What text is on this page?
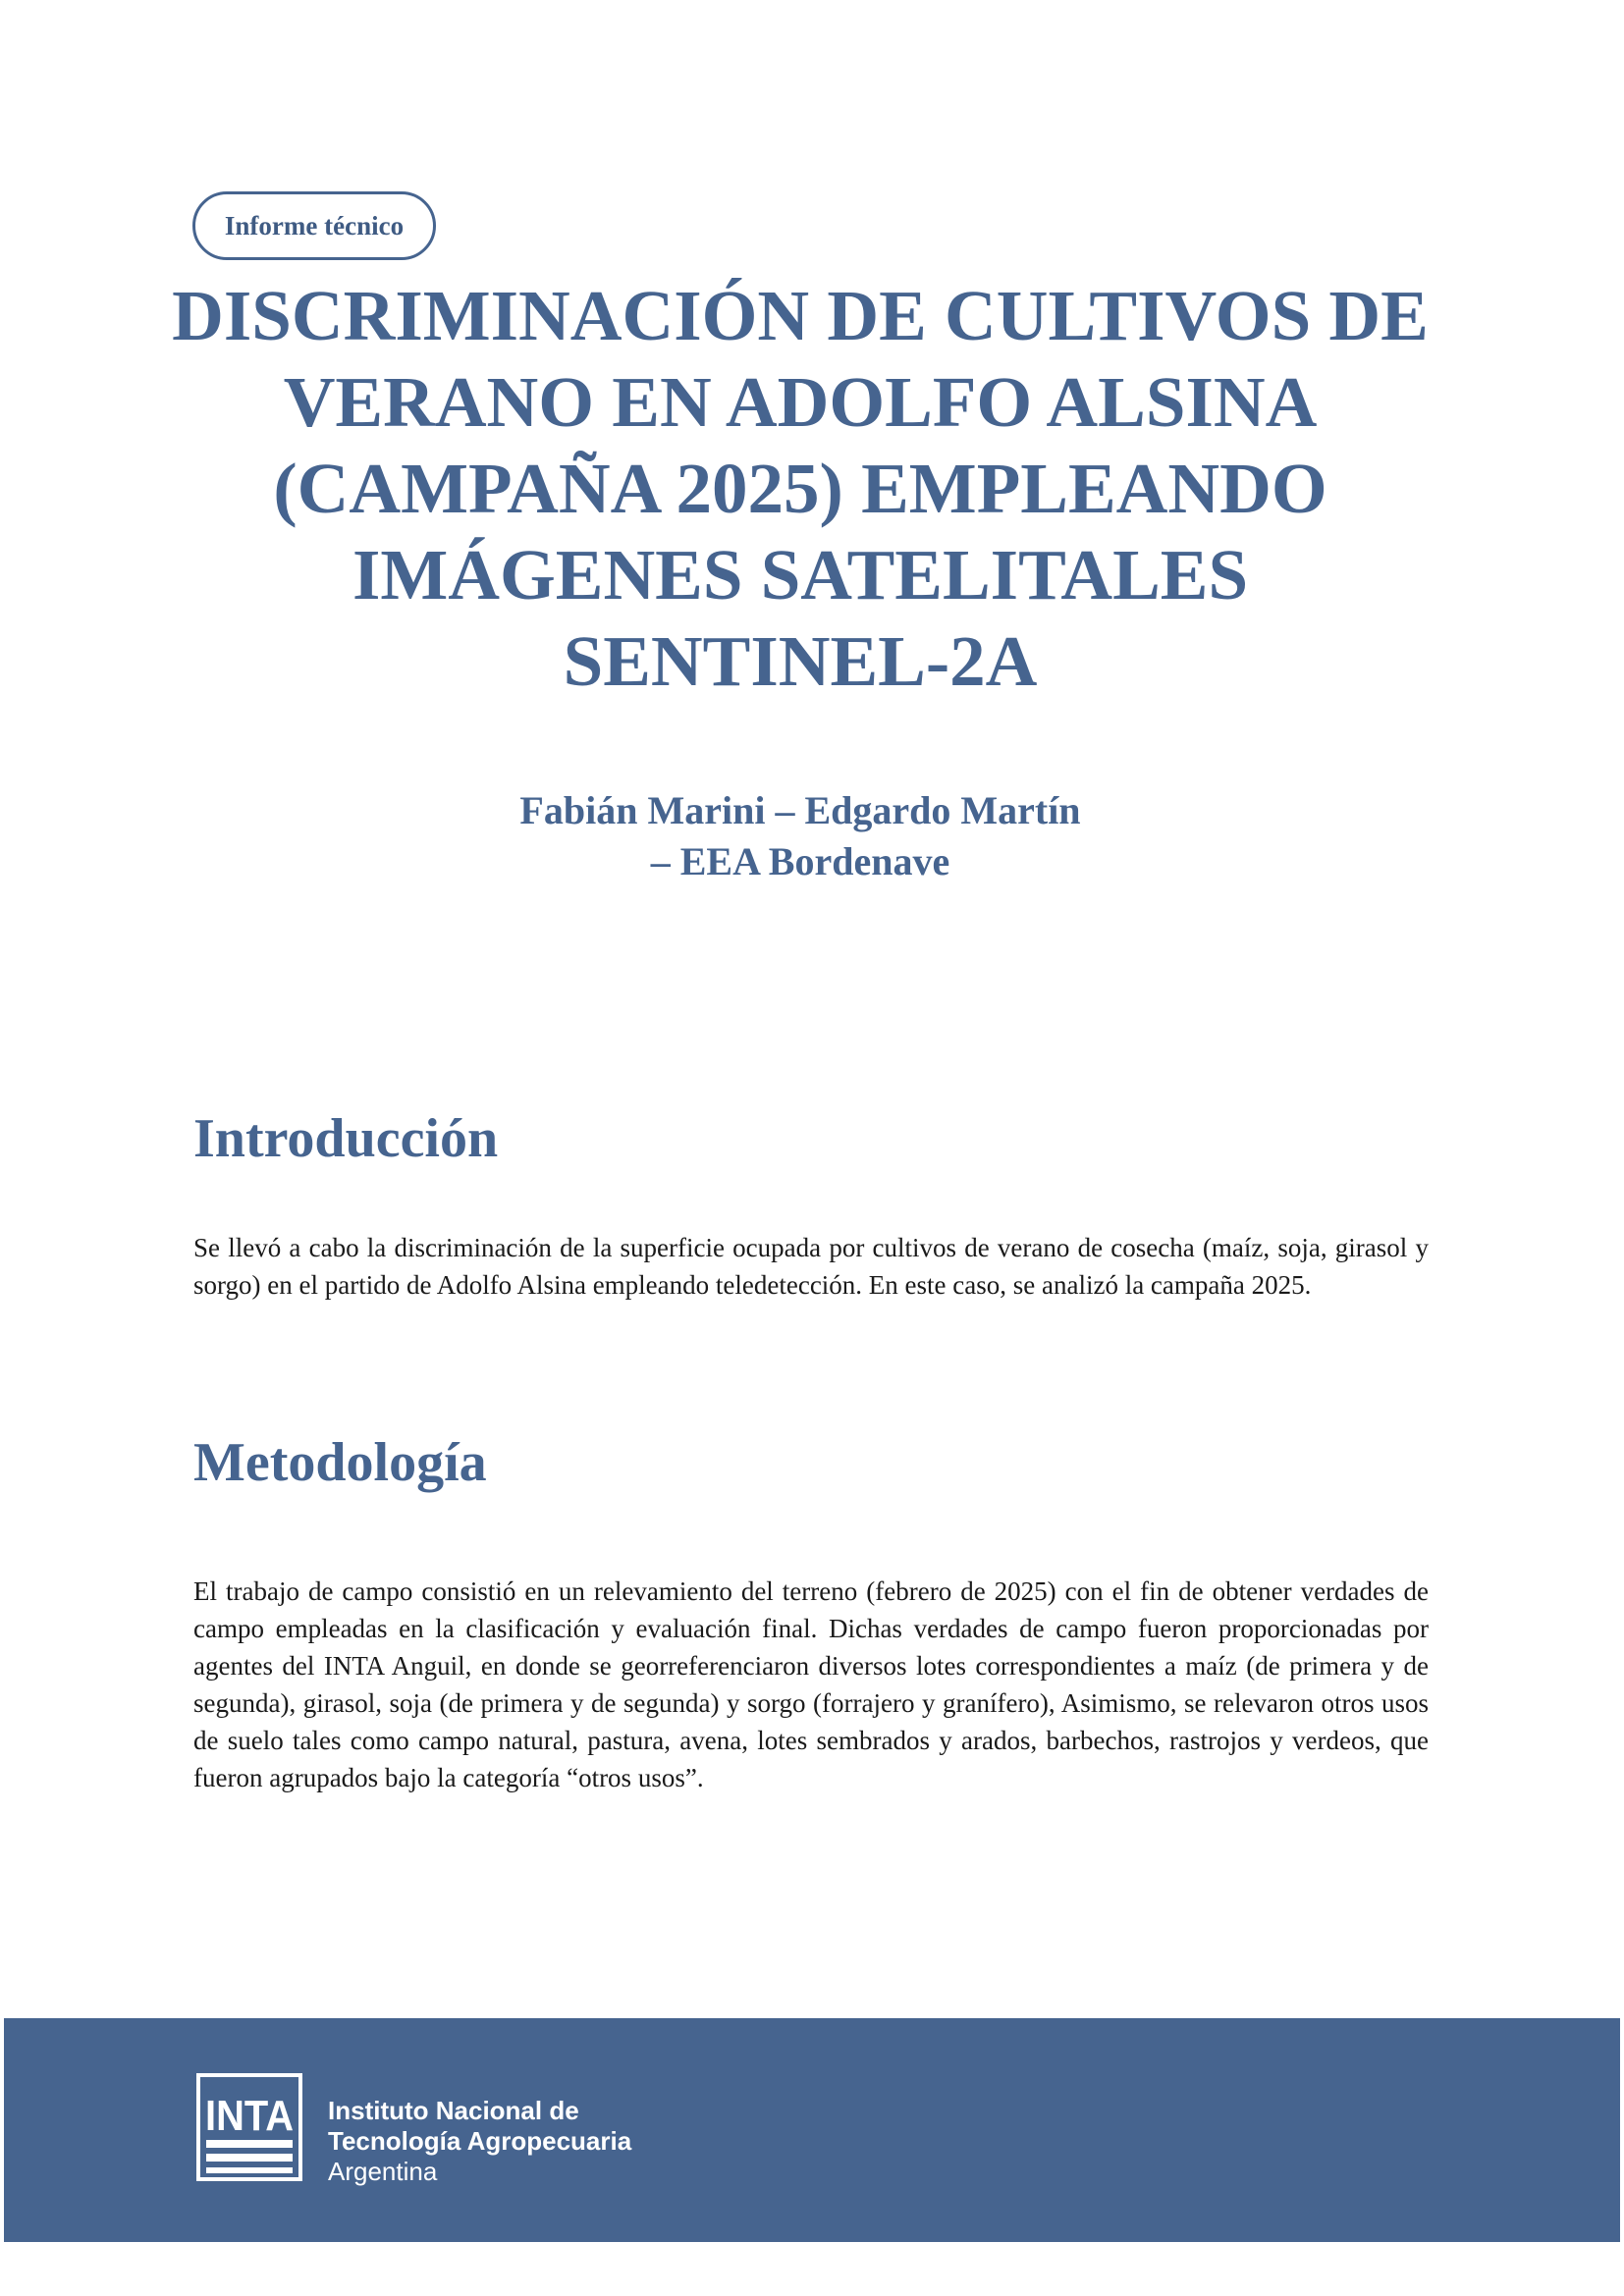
Informe técnico
DISCRIMINACIÓN DE CULTIVOS DE
VERANO EN ADOLFO ALSINA
(CAMPAÑA 2025) EMPLEANDO
IMÁGENES SATELITALES
SENTINEL-2A
Fabián Marini – Edgardo Martín
– EEA Bordenave
Introducción

Se llevó a cabo la discriminación de la superficie ocupada por cultivos de verano de cosecha (maíz, soja, girasol y sorgo) en el partido de Adolfo Alsina empleando teledetección. En este caso, se analizó la campaña 2025.

Metodología

El trabajo de campo consistió en un relevamiento del terreno (febrero de 2025) con el fin de obtener verdades de campo empleadas en la clasificación y evaluación final. Dichas verdades de campo fueron proporcionadas por agentes del INTA Anguil, en donde se georreferenciaron diversos lotes correspondientes a maíz (de primera y de segunda), girasol, soja (de primera y de segunda) y sorgo (forrajero y granífero), Asimismo, se relevaron otros usos de suelo tales como campo natural, pastura, avena, lotes sembrados y arados, barbechos, rastrojos y verdeos, que fueron agrupados bajo la categoría “otros usos”.

INTA Instituto Nacional de
Tecnología Agropecuaria
Argentina
